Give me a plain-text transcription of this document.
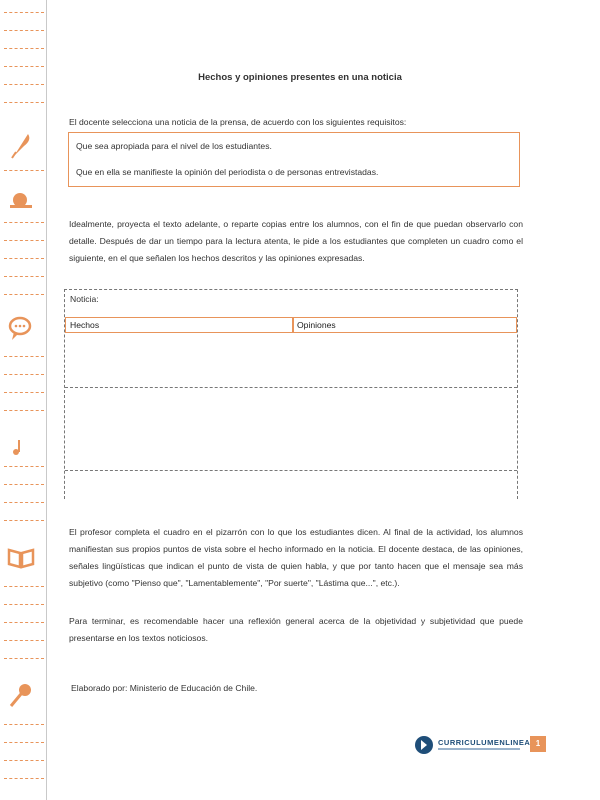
Hechos y opiniones presentes en una noticia
El docente selecciona una noticia de la prensa, de acuerdo con los siguientes requisitos:
Que sea apropiada para el nivel de los estudiantes.
Que en ella se manifieste la opinión del periodista o de personas entrevistadas.
Idealmente, proyecta el texto adelante, o reparte copias entre los alumnos, con el fin de que puedan observarlo con detalle. Después de dar un tiempo para la lectura atenta, le pide a los estudiantes que completen un cuadro como el siguiente, en el que señalen los hechos descritos y las opiniones expresadas.
Noticia:
Hechos	Opiniones
El profesor completa el cuadro en el pizarrón con lo que los estudiantes dicen. Al final de la actividad, los alumnos manifiestan sus propios puntos de vista sobre el hecho informado en la noticia. El docente destaca, de las opiniones, señales lingüísticas que indican el punto de vista de quien habla, y que por tanto hacen que el mensaje sea más subjetivo (como "Pienso que", "Lamentablemente", "Por suerte", "Lástima que...", etc.).
Para terminar, es recomendable hacer una reflexión general acerca de la objetividad y subjetividad que puede presentarse en los textos noticiosos.
Elaborado por: Ministerio de Educación de Chile.
CURRICULUMENLINEA 1
